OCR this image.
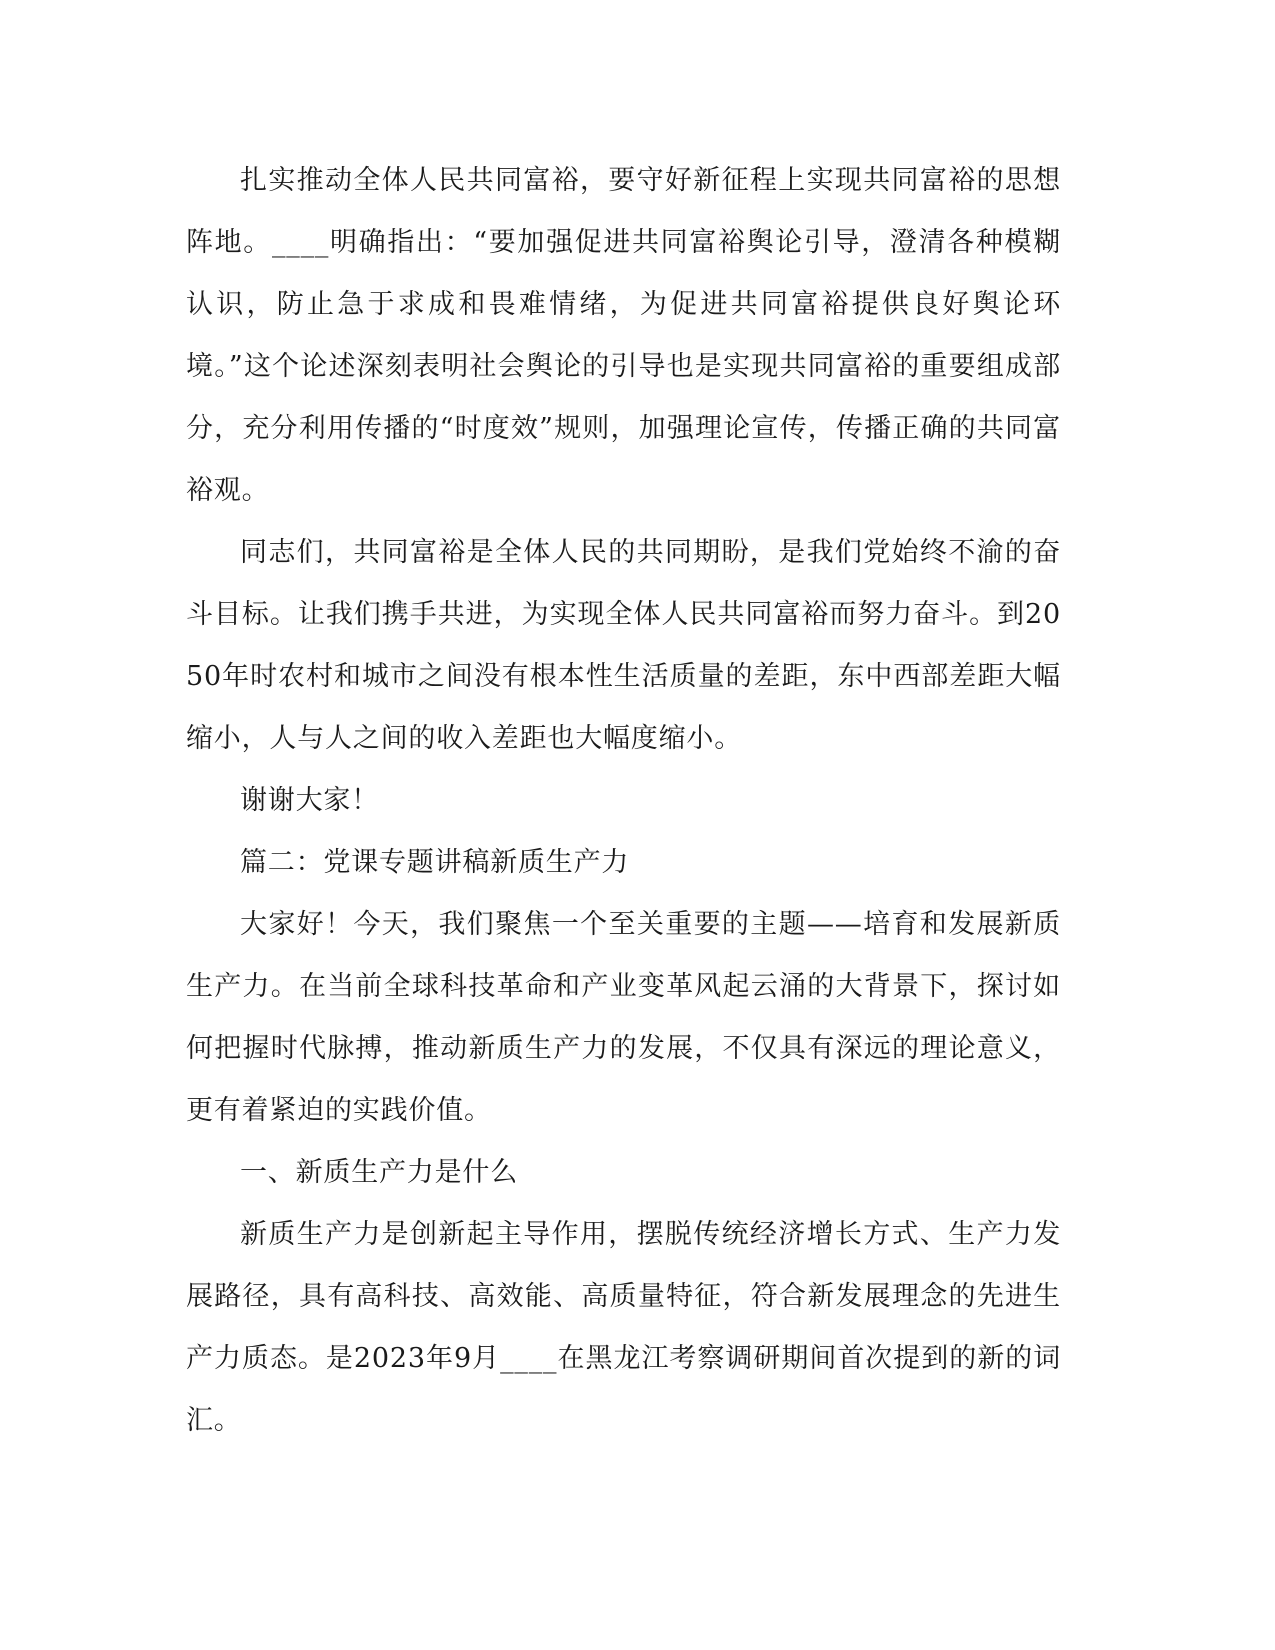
扎实推动全体人民共同富裕，要守好新征程上实现共同富裕的思想阵地。____明确指出：“要加强促进共同富裕舆论引导，澄清各种模糊认识，防止急于求成和畏难情绪，为促进共同富裕提供良好舆论环境。”这个论述深刻表明社会舆论的引导也是实现共同富裕的重要组成部分，充分利用传播的“时度效”规则，加强理论宣传，传播正确的共同富裕观。

同志们，共同富裕是全体人民的共同期盼，是我们党始终不渝的奋斗目标。让我们携手共进，为实现全体人民共同富裕而努力奋斗。到2050年时农村和城市之间没有根本性生活质量的差距，东中西部差距大幅缩小，人与人之间的收入差距也大幅度缩小。

谢谢大家！

篇二：党课专题讲稿新质生产力

大家好！今天，我们聚焦一个至关重要的主题——培育和发展新质生产力。在当前全球科技革命和产业变革风起云涌的大背景下，探讨如何把握时代脉搏，推动新质生产力的发展，不仅具有深远的理论意义，更有着紧迫的实践价值。

一、新质生产力是什么

新质生产力是创新起主导作用，摆脱传统经济增长方式、生产力发展路径，具有高科技、高效能、高质量特征，符合新发展理念的先进生产力质态。是2023年9月____在黑龙江考察调研期间首次提到的新的词汇。
